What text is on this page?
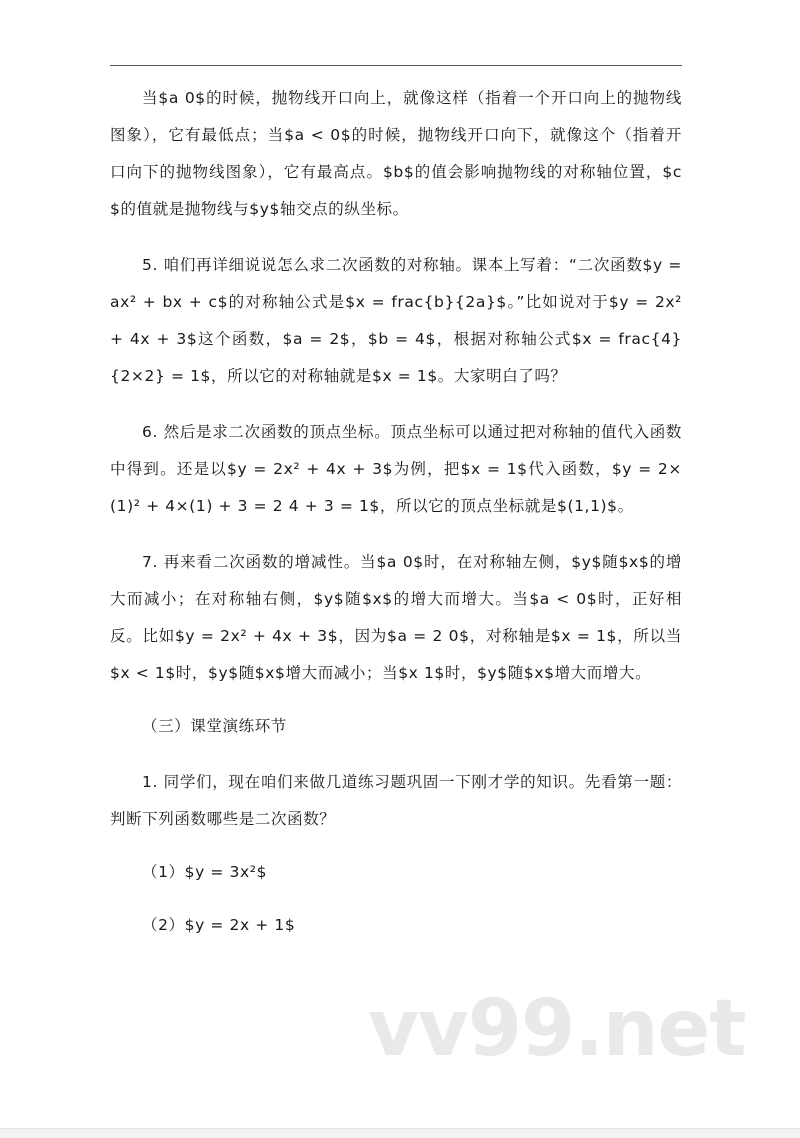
当$a 0$的时候，抛物线开口向上，就像这样（指着一个开口向上的抛物线图象），它有最低点；当$a < 0$的时候，抛物线开口向下，就像这个（指着开口向下的抛物线图象），它有最高点。$b$的值会影响抛物线的对称轴位置，$c$的值就是抛物线与$y$轴交点的纵坐标。

5. 咱们再详细说说怎么求二次函数的对称轴。课本上写着：“二次函数$y = ax² + bx + c$的对称轴公式是$x = frac{b}{2a}$。”比如说对于$y = 2x² + 4x + 3$这个函数，$a = 2$，$b = 4$，根据对称轴公式$x = frac{4}{2×2} = 1$，所以它的对称轴就是$x = 1$。大家明白了吗？

6. 然后是求二次函数的顶点坐标。顶点坐标可以通过把对称轴的值代入函数中得到。还是以$y = 2x² + 4x + 3$为例，把$x = 1$代入函数，$y = 2×(1)² + 4×(1) + 3 = 2 4 + 3 = 1$，所以它的顶点坐标就是$(1,1)$。

7. 再来看二次函数的增减性。当$a 0$时，在对称轴左侧，$y$随$x$的增大而减小；在对称轴右侧，$y$随$x$的增大而增大。当$a < 0$时，正好相反。比如$y = 2x² + 4x + 3$，因为$a = 2 0$，对称轴是$x = 1$，所以当$x < 1$时，$y$随$x$增大而减小；当$x 1$时，$y$随$x$增大而增大。

（三）课堂演练环节

1. 同学们，现在咱们来做几道练习题巩固一下刚才学的知识。先看第一题：判断下列函数哪些是二次函数？

（1）$y = 3x²$

（2）$y = 2x + 1$

vv99.net
